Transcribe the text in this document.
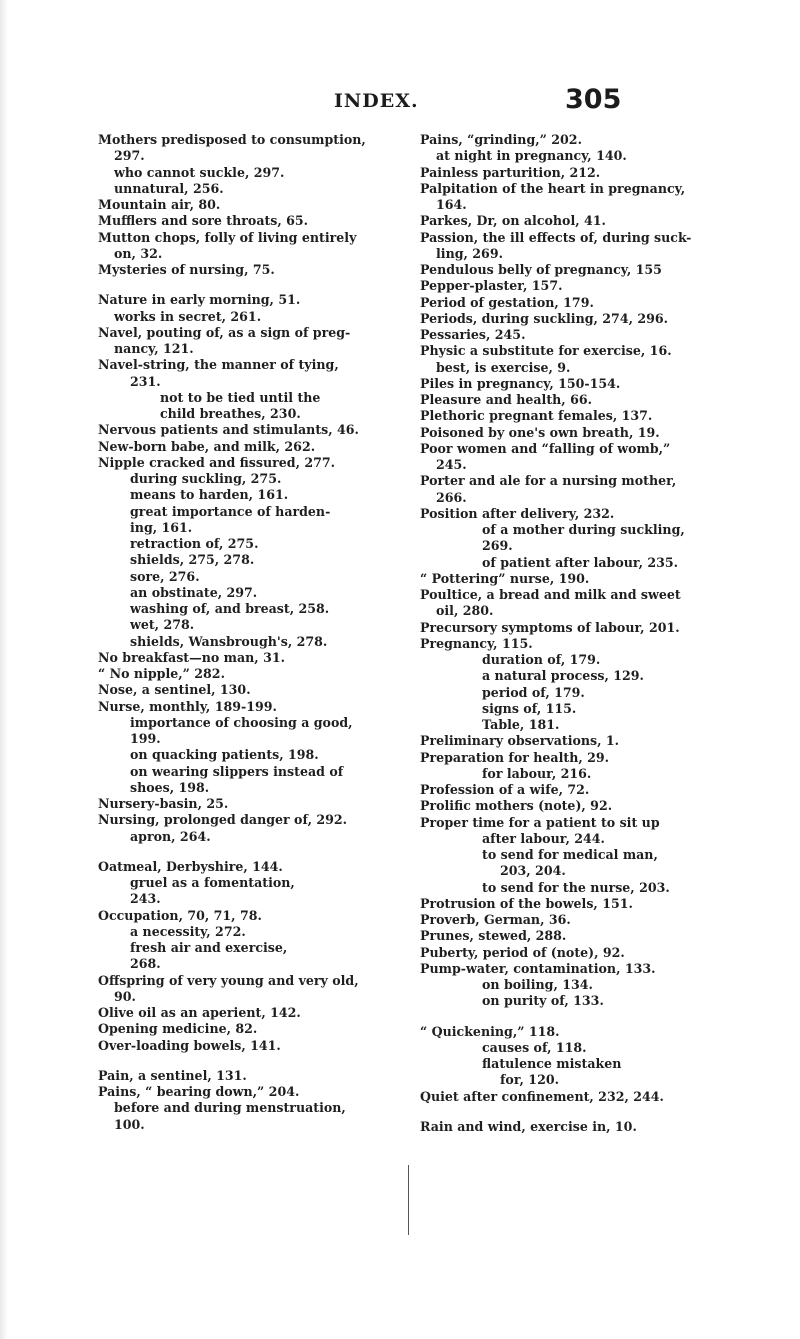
INDEX.	305
Mothers predisposed to consumption,
297.
who cannot suckle, 297.
unnatural, 256.
Mountain air, 80.
Mufflers and sore throats, 65.
Mutton chops, folly of living entirely
on, 32.
Mysteries of nursing, 75.
Nature in early morning, 51.
works in secret, 261.
Navel, pouting of, as a sign of preg-
nancy, 121.
Navel-string, the manner of tying,
231.
not to be tied until the
child breathes, 230.
Nervous patients and stimulants, 46.
New-born babe, and milk, 262.
Nipple cracked and fissured, 277.
during suckling, 275.
means to harden, 161.
great importance of harden-
ing, 161.
retraction of, 275.
shields, 275, 278.
sore, 276.
an obstinate, 297.
washing of, and breast, 258.
wet, 278.
shields, Wansbrough's, 278.
No breakfast—no man, 31.
“ No nipple,” 282.
Nose, a sentinel, 130.
Nurse, monthly, 189-199.
importance of choosing a good,
199.
on quacking patients, 198.
on wearing slippers instead of
shoes, 198.
Nursery-basin, 25.
Nursing, prolonged danger of, 292.
apron, 264.
Oatmeal, Derbyshire, 144.
gruel as a fomentation,
243.
Occupation, 70, 71, 78.
a necessity, 272.
fresh air and exercise,
268.
Offspring of very young and very old,
90.
Olive oil as an aperient, 142.
Opening medicine, 82.
Over-loading bowels, 141.
Pain, a sentinel, 131.
Pains, “ bearing down,” 204.
before and during menstruation,
100.
Pains, “grinding,” 202.
at night in pregnancy, 140.
Painless parturition, 212.
Palpitation of the heart in pregnancy,
164.
Parkes, Dr, on alcohol, 41.
Passion, the ill effects of, during suck-
ling, 269.
Pendulous belly of pregnancy, 155
Pepper-plaster, 157.
Period of gestation, 179.
Periods, during suckling, 274, 296.
Pessaries, 245.
Physic a substitute for exercise, 16.
best, is exercise, 9.
Piles in pregnancy, 150-154.
Pleasure and health, 66.
Plethoric pregnant females, 137.
Poisoned by one's own breath, 19.
Poor women and “falling of womb,”
245.
Porter and ale for a nursing mother,
266.
Position after delivery, 232.
of a mother during suckling,
269.
of patient after labour, 235.
“ Pottering” nurse, 190.
Poultice, a bread and milk and sweet
oil, 280.
Precursory symptoms of labour, 201.
Pregnancy, 115.
duration of, 179.
a natural process, 129.
period of, 179.
signs of, 115.
Table, 181.
Preliminary observations, 1.
Preparation for health, 29.
for labour, 216.
Profession of a wife, 72.
Prolific mothers (note), 92.
Proper time for a patient to sit up
after labour, 244.
to send for medical man,
203, 204.
to send for the nurse, 203.
Protrusion of the bowels, 151.
Proverb, German, 36.
Prunes, stewed, 288.
Puberty, period of (note), 92.
Pump-water, contamination, 133.
on boiling, 134.
on purity of, 133.
“ Quickening,” 118.
causes of, 118.
flatulence mistaken
for, 120.
Quiet after confinement, 232, 244.
Rain and wind, exercise in, 10.
